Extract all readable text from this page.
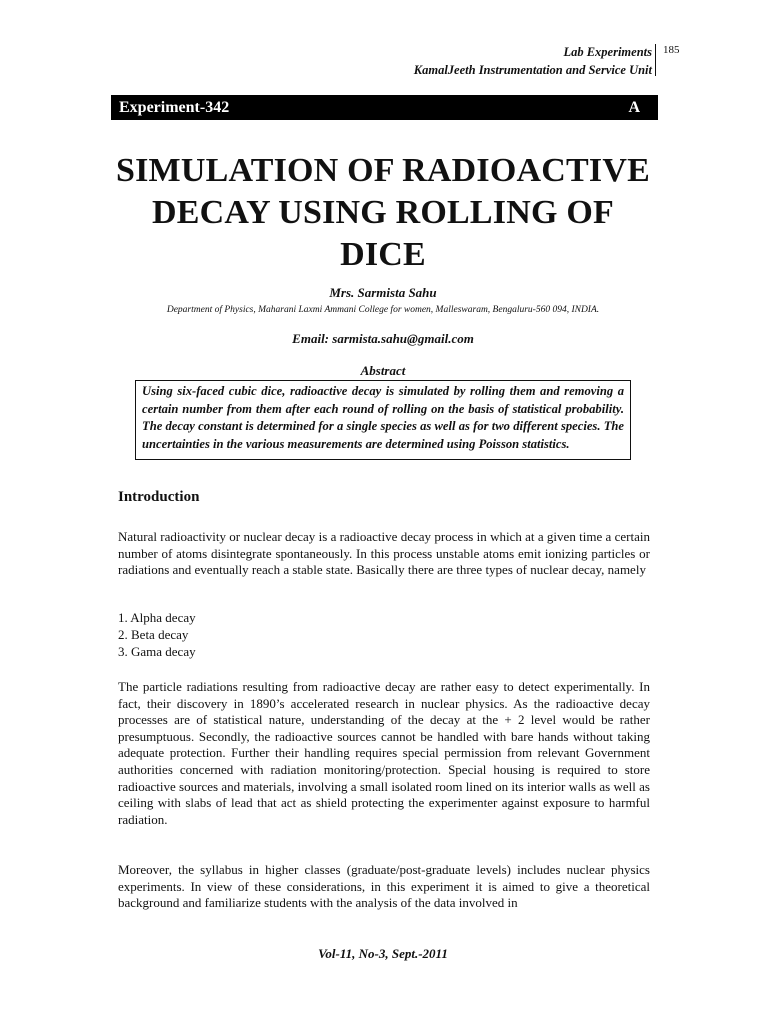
Lab Experiments
KamalJeeth Instrumentation and Service Unit
185
Experiment-342	A
SIMULATION OF RADIOACTIVE
DECAY USING ROLLING OF
DICE
Mrs. Sarmista Sahu
Department of Physics, Maharani Laxmi Ammani College for women, Malleswaram, Bengaluru-560 094, INDIA.
Email: sarmista.sahu@gmail.com
Abstract
Using six-faced cubic dice, radioactive decay is simulated by rolling them and removing a certain number from them after each round of rolling on the basis of statistical probability. The decay constant is determined for a single species as well as for two different species. The uncertainties in the various measurements are determined using Poisson statistics.
Introduction
Natural radioactivity or nuclear decay is a radioactive decay process in which at a given time a certain number of atoms disintegrate spontaneously. In this process unstable atoms emit ionizing particles or radiations and eventually reach a stable state. Basically there are three types of nuclear decay, namely
1. Alpha decay
2. Beta decay
3. Gama decay
The particle radiations resulting from radioactive decay are rather easy to detect experimentally. In fact, their discovery in 1890’s accelerated research in nuclear physics. As the radioactive decay processes are of statistical nature, understanding of the decay at the + 2 level would be rather presumptuous. Secondly, the radioactive sources cannot be handled with bare hands without taking adequate protection. Further their handling requires special permission from relevant Government authorities concerned with radiation monitoring/protection. Special housing is required to store radioactive sources and materials, involving a small isolated room lined on its interior walls as well as ceiling with slabs of lead that act as shield protecting the experimenter against exposure to harmful radiation.
Moreover, the syllabus in higher classes (graduate/post-graduate levels) includes nuclear physics experiments. In view of these considerations, in this experiment it is aimed to give a theoretical background and familiarize students with the analysis of the data involved in
Vol-11, No-3, Sept.-2011
